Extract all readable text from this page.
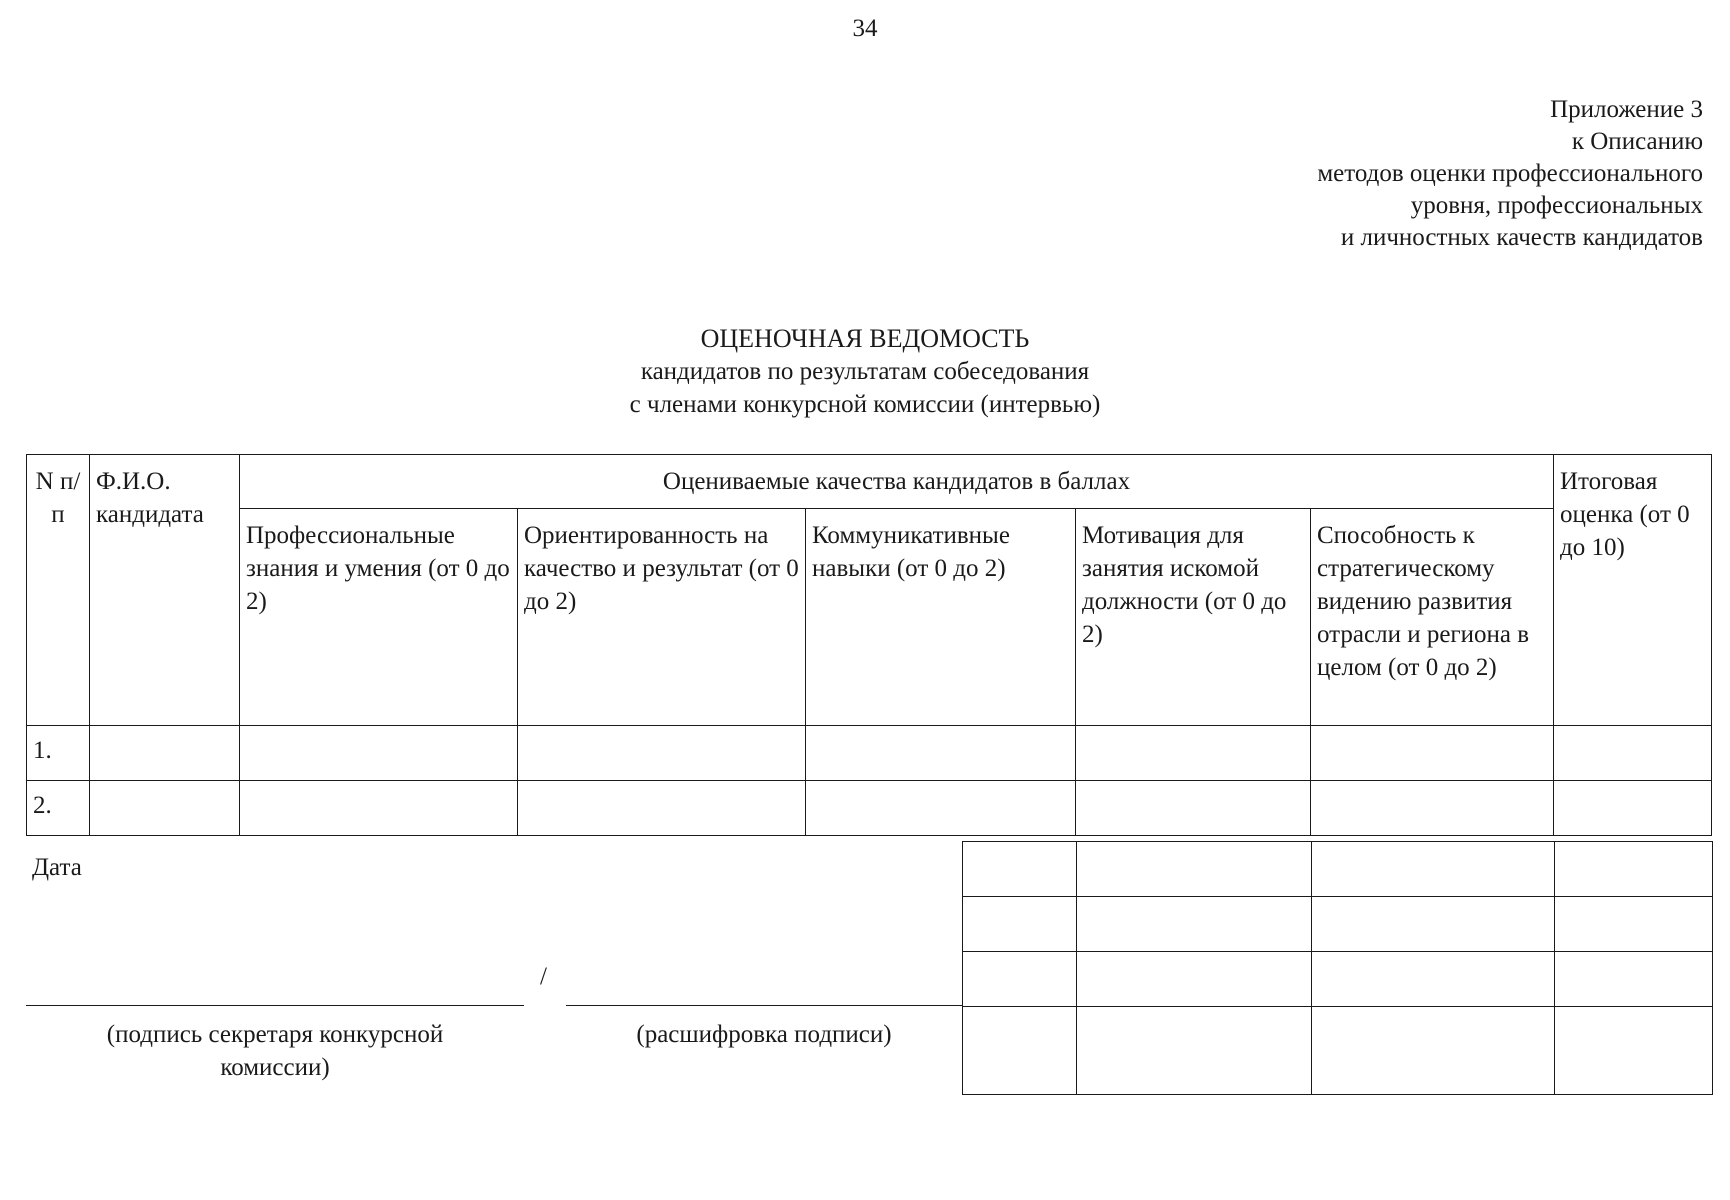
34
Приложение 3
к Описанию
методов оценки профессионального
уровня, профессиональных
и личностных качеств кандидатов
ОЦЕНОЧНАЯ ВЕДОМОСТЬ
кандидатов по результатам собеседования
с членами конкурсной комиссии (интервью)
N п/п	Ф.И.О. кандидата	Оцениваемые качества кандидатов в баллах					Итоговая оценка (от 0 до 10)
		Профессиональные знания и умения (от 0 до 2)	Ориентированность на качество и результат (от 0 до 2)	Коммуникативные навыки (от 0 до 2)	Мотивация для занятия искомой должности (от 0 до 2)	Способность к стратегическому видению развития отрасли и региона в целом (от 0 до 2)	
1.							
2.							

Дата
/
(подпись секретаря конкурсной комиссии)
(расшифровка подписи)
